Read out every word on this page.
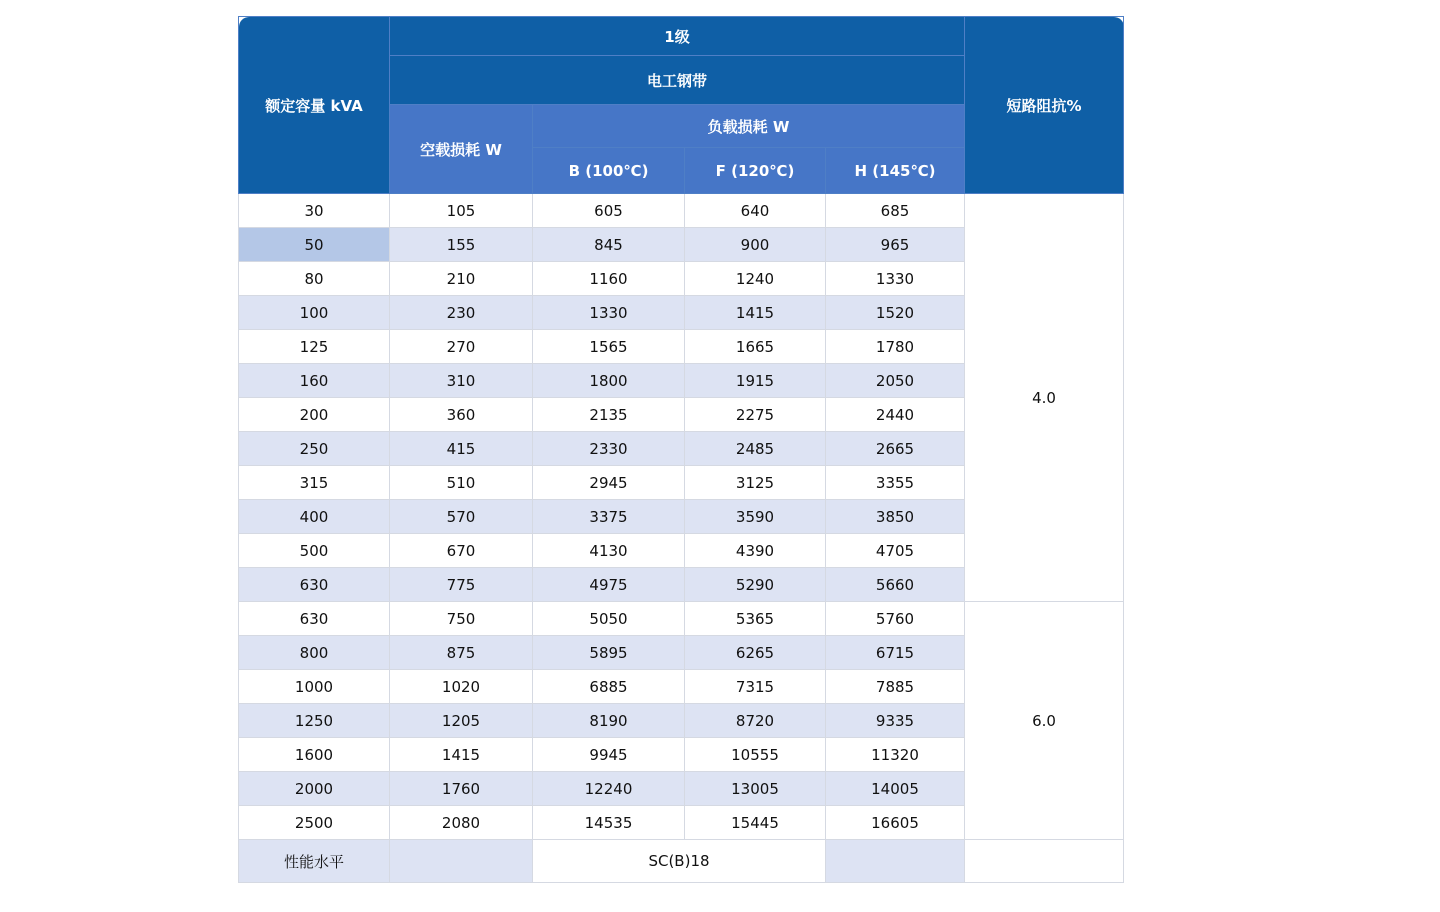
额定容量 kVA	1级				短路阻抗%
	电工钢带				
	空载损耗 W	负载损耗 W			
		B (100℃)	F (120℃)	H (145℃)	
30	105	605	640	685	4.0
50	155	845	900	965	
80	210	1160	1240	1330	
100	230	1330	1415	1520	
125	270	1565	1665	1780	
160	310	1800	1915	2050	
200	360	2135	2275	2440	
250	415	2330	2485	2665	
315	510	2945	3125	3355	
400	570	3375	3590	3850	
500	670	4130	4390	4705	
630	775	4975	5290	5660	
630	750	5050	5365	5760	6.0
800	875	5895	6265	6715	
1000	1020	6885	7315	7885	
1250	1205	8190	8720	9335	
1600	1415	9945	10555	11320	
2000	1760	12240	13005	14005	
2500	2080	14535	15445	16605	
性能水平		SC(B)18			
